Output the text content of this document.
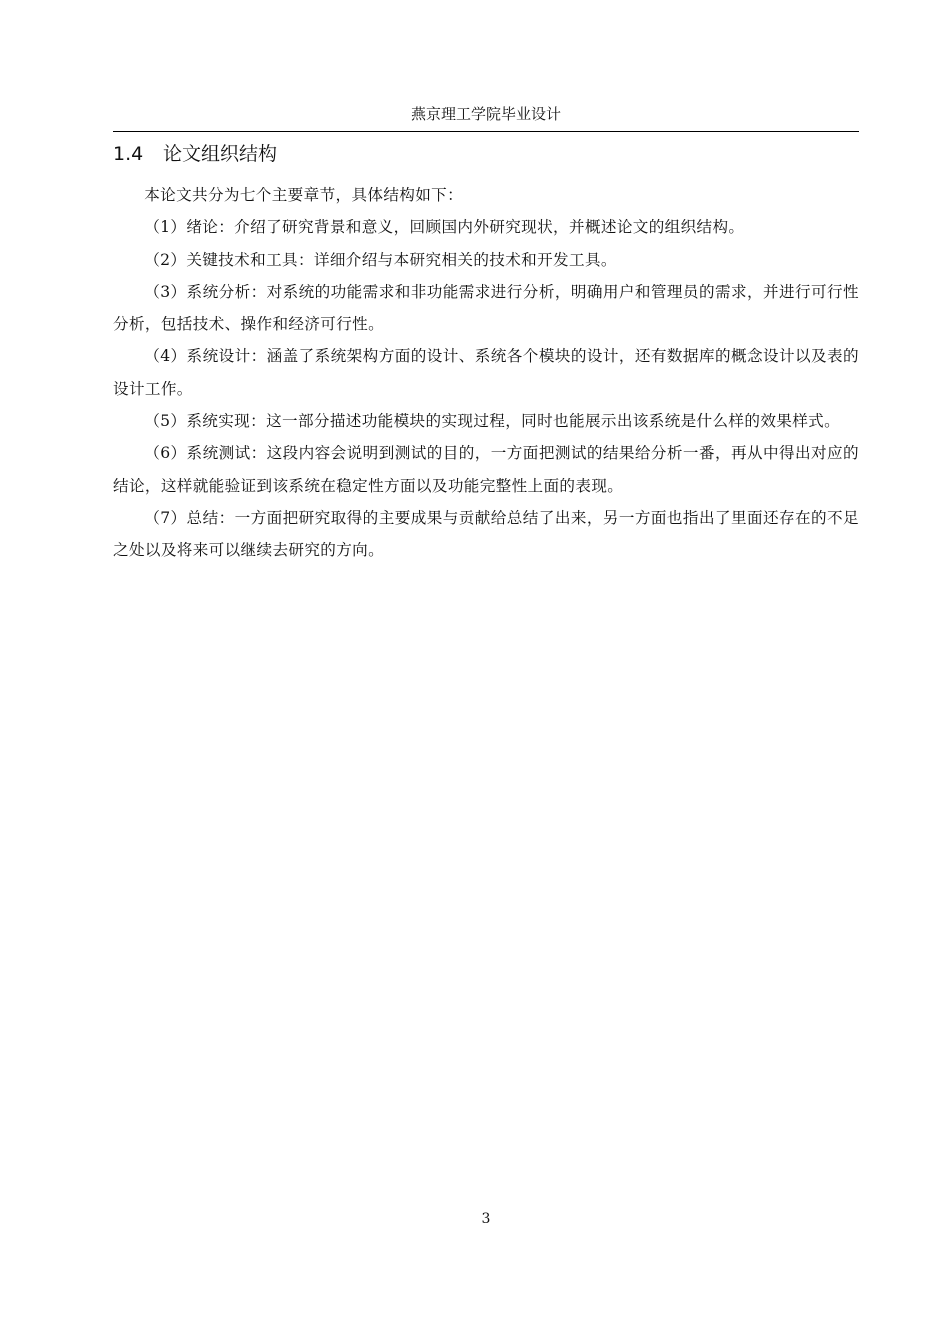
燕京理工学院毕业设计
1.4 论文组织结构

本论文共分为七个主要章节，具体结构如下：

（1）绪论：介绍了研究背景和意义，回顾国内外研究现状，并概述论文的组织结构。

（2）关键技术和工具：详细介绍与本研究相关的技术和开发工具。

（3）系统分析：对系统的功能需求和非功能需求进行分析，明确用户和管理员的需求，并进行可行性分析，包括技术、操作和经济可行性。

（4）系统设计：涵盖了系统架构方面的设计、系统各个模块的设计，还有数据库的概念设计以及表的设计工作。

（5）系统实现：这一部分描述功能模块的实现过程，同时也能展示出该系统是什么样的效果样式。

（6）系统测试：这段内容会说明到测试的目的，一方面把测试的结果给分析一番，再从中得出对应的结论，这样就能验证到该系统在稳定性方面以及功能完整性上面的表现。

（7）总结：一方面把研究取得的主要成果与贡献给总结了出来，另一方面也指出了里面还存在的不足之处以及将来可以继续去研究的方向。

3
